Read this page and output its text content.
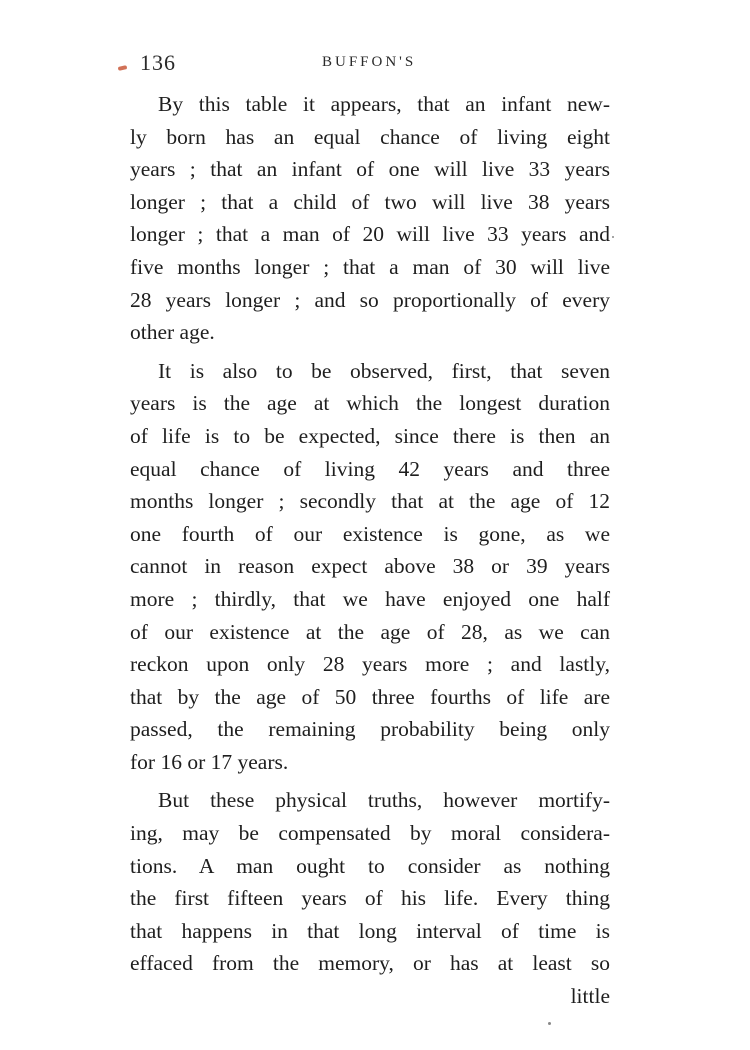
136	BUFFON'S
By this table it appears, that an infant new-
ly born has an equal chance of living eight
years ; that an infant of one will live 33 years
longer ; that a child of two will live 38 years
longer ; that a man of 20 will live 33 years and
five months longer ; that a man of 30 will live
28 years longer ; and so proportionally of every
other age.
It is also to be observed, first, that seven
years is the age at which the longest duration
of life is to be expected, since there is then an
equal chance of living 42 years and three
months longer ; secondly that at the age of 12
one fourth of our existence is gone, as we
cannot in reason expect above 38 or 39 years
more ; thirdly, that we have enjoyed one half
of our existence at the age of 28, as we can
reckon upon only 28 years more ; and lastly,
that by the age of 50 three fourths of life are
passed, the remaining probability being only
for 16 or 17 years.
But these physical truths, however mortify-
ing, may be compensated by moral considera-
tions. A man ought to consider as nothing
the first fifteen years of his life. Every thing
that happens in that long interval of time is
effaced from the memory, or has at least so
little
